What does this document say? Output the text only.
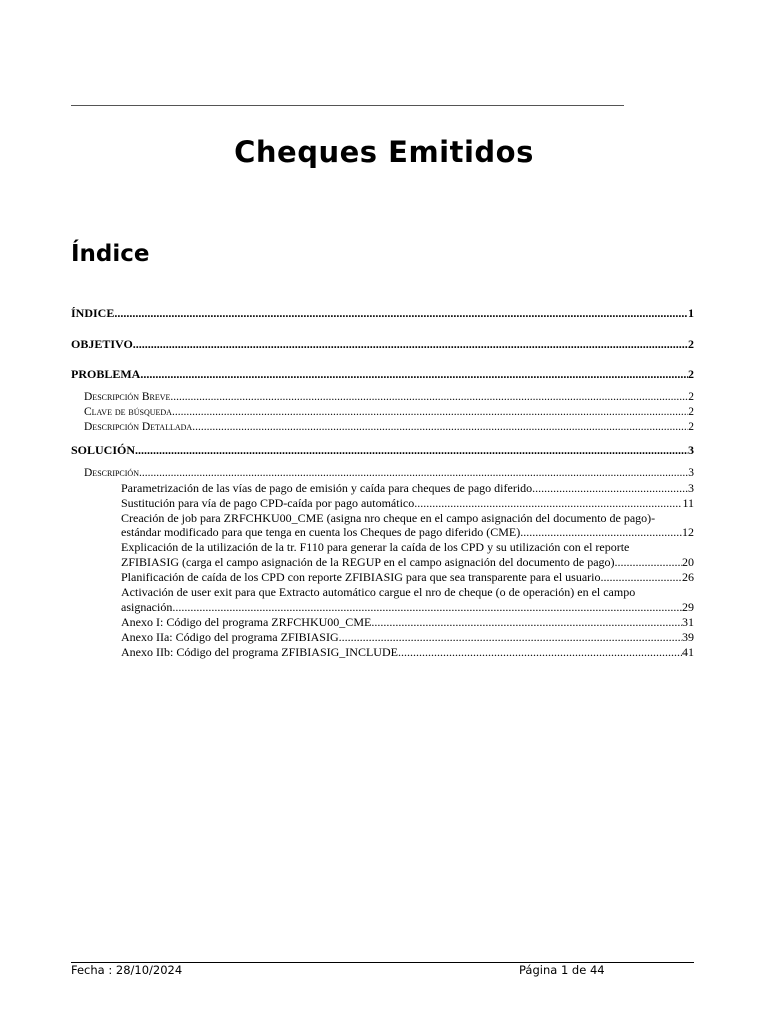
Cheques Emitidos
Índice
ÍNDICE .....	1
OBJETIVO .....	2
PROBLEMA .....	2
Descripción Breve .....	2
Clave de búsqueda .....	2
Descripción Detallada .....	2
SOLUCIÓN .....	3
Descripción .....	3
Parametrización de las vías de pago de emisión y caída para cheques de pago diferido .....	3
Sustitución para vía de pago CPD-caída por pago automático .....	11
Creación de job para ZRFCHKU00_CME (asigna nro cheque en el campo asignación del documento de pago)-
estándar modificado para que tenga en cuenta los Cheques de pago diferido (CME) .....	12
Explicación de la utilización de la tr. F110 para generar la caída de los CPD y su utilización con el reporte
ZFIBIASIG (carga el campo asignación de la REGUP en el campo asignación del documento de pago) .....	20
Planificación de caída de los CPD con reporte ZFIBIASIG para que sea transparente para el usuario .....	26
Activación de user exit para que Extracto automático cargue el nro de cheque (o de operación) en el campo
asignación .....	29
Anexo I: Código del programa ZRFCHKU00_CME .....	31
Anexo IIa: Código del programa ZFIBIASIG .....	39
Anexo IIb: Código del programa ZFIBIASIG_INCLUDE .....	41
Fecha : 28/10/2024	Página 1 de 44
